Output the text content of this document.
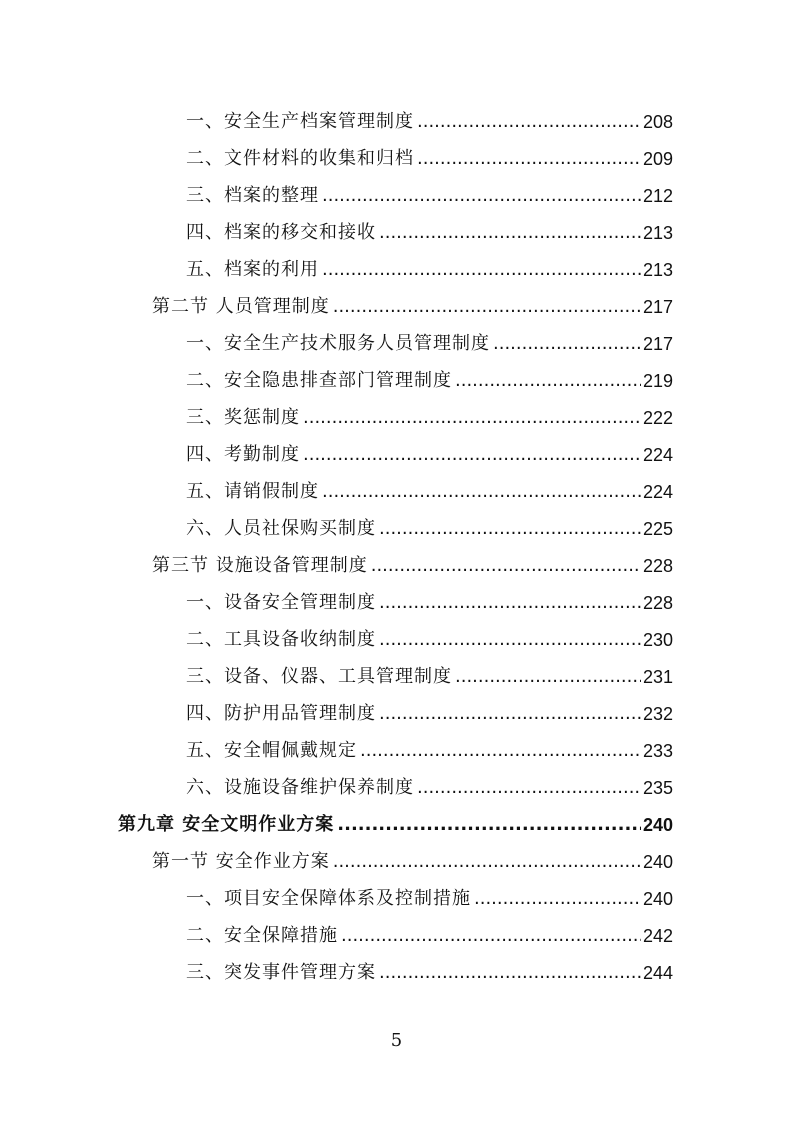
一、安全生产档案管理制度 .....	208
二、文件材料的收集和归档 .....	209
三、档案的整理 .....	212
四、档案的移交和接收 .....	213
五、档案的利用 .....	213
第二节 人员管理制度 .....	217
一、安全生产技术服务人员管理制度 .....	217
二、安全隐患排查部门管理制度 .....	219
三、奖惩制度 .....	222
四、考勤制度 .....	224
五、请销假制度 .....	224
六、人员社保购买制度 .....	225
第三节 设施设备管理制度 .....	228
一、设备安全管理制度 .....	228
二、工具设备收纳制度 .....	230
三、设备、仪器、工具管理制度 .....	231
四、防护用品管理制度 .....	232
五、安全帽佩戴规定 .....	233
六、设施设备维护保养制度 .....	235
第九章 安全文明作业方案 .....	240
第一节 安全作业方案 .....	240
一、项目安全保障体系及控制措施 .....	240
二、安全保障措施 .....	242
三、突发事件管理方案 .....	244
5
